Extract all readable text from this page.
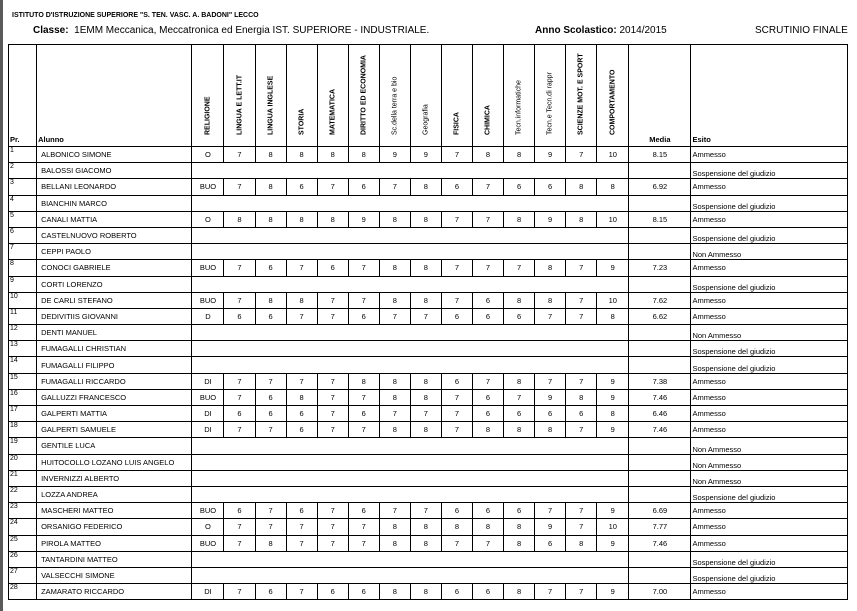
ISTITUTO D'ISTRUZIONE SUPERIORE "S. TEN. VASC. A. BADONI" LECCO
Classe: 1EMM Meccanica, Meccatronica ed Energia IST. SUPERIORE - INDUSTRIALE.	Anno Scolastico: 2014/2015	SCRUTINIO FINALE
Pr.	Alunno	RELIGIONE	LINGUA E LETT.IT	LINGUA INGLESE	STORIA	MATEMATICA	DIRITTO ED ECONOMIA	Sc.della terra e bio	Geografia	FISICA	CHIMICA	Tecn.informatiche	Tecn.e Tecn.di rappr	SCIENZE MOT. E SPORT	COMPORTAMENTO	Media	Esito
1	ALBONICO SIMONE	O	7	8	8	8	8	9	9	7	8	8	9	7	10	8.15	Ammesso
2	BALOSSI GIACOMO																Sospensione del giudizio
3	BELLANI LEONARDO	BUO	7	8	6	7	6	7	8	6	7	6	6	8	8	6.92	Ammesso
4	BIANCHIN MARCO																Sospensione del giudizio
5	CANALI MATTIA	O	8	8	8	8	9	8	8	7	7	8	9	8	10	8.15	Ammesso
6	CASTELNUOVO ROBERTO																Sospensione del giudizio
7	CEPPI PAOLO																Non Ammesso
8	CONOCI GABRIELE	BUO	7	6	7	6	7	8	8	7	7	7	8	7	9	7.23	Ammesso
9	CORTI LORENZO																Sospensione del giudizio
10	DE CARLI STEFANO	BUO	7	8	8	7	7	8	8	7	6	8	8	7	10	7.62	Ammesso
11	DEDIVITIIS GIOVANNI	D	6	6	7	7	6	7	7	6	6	6	7	7	8	6.62	Ammesso
12	DENTI MANUEL																Non Ammesso
13	FUMAGALLI CHRISTIAN																Sospensione del giudizio
14	FUMAGALLI FILIPPO																Sospensione del giudizio
15	FUMAGALLI RICCARDO	DI	7	7	7	7	8	8	8	6	7	8	7	7	9	7.38	Ammesso
16	GALLUZZI FRANCESCO	BUO	7	6	8	7	7	8	8	7	6	7	9	8	9	7.46	Ammesso
17	GALPERTI MATTIA	DI	6	6	6	7	6	7	7	7	6	6	6	6	8	6.46	Ammesso
18	GALPERTI SAMUELE	DI	7	7	6	7	7	8	8	7	8	8	8	7	9	7.46	Ammesso
19	GENTILE LUCA																Non Ammesso
20	HUITOCOLLO LOZANO LUIS ANGELO																Non Ammesso
21	INVERNIZZI ALBERTO																Non Ammesso
22	LOZZA ANDREA																Sospensione del giudizio
23	MASCHERI MATTEO	BUO	6	7	6	7	6	7	7	6	6	6	7	7	9	6.69	Ammesso
24	ORSANIGO FEDERICO	O	7	7	7	7	7	8	8	8	8	8	9	7	10	7.77	Ammesso
25	PIROLA MATTEO	BUO	7	8	7	7	7	8	8	7	7	8	6	8	9	7.46	Ammesso
26	TANTARDINI MATTEO																Sospensione del giudizio
27	VALSECCHI SIMONE																Sospensione del giudizio
28	ZAMARATO RICCARDO	DI	7	6	7	6	6	8	8	6	6	8	7	7	9	7.00	Ammesso
